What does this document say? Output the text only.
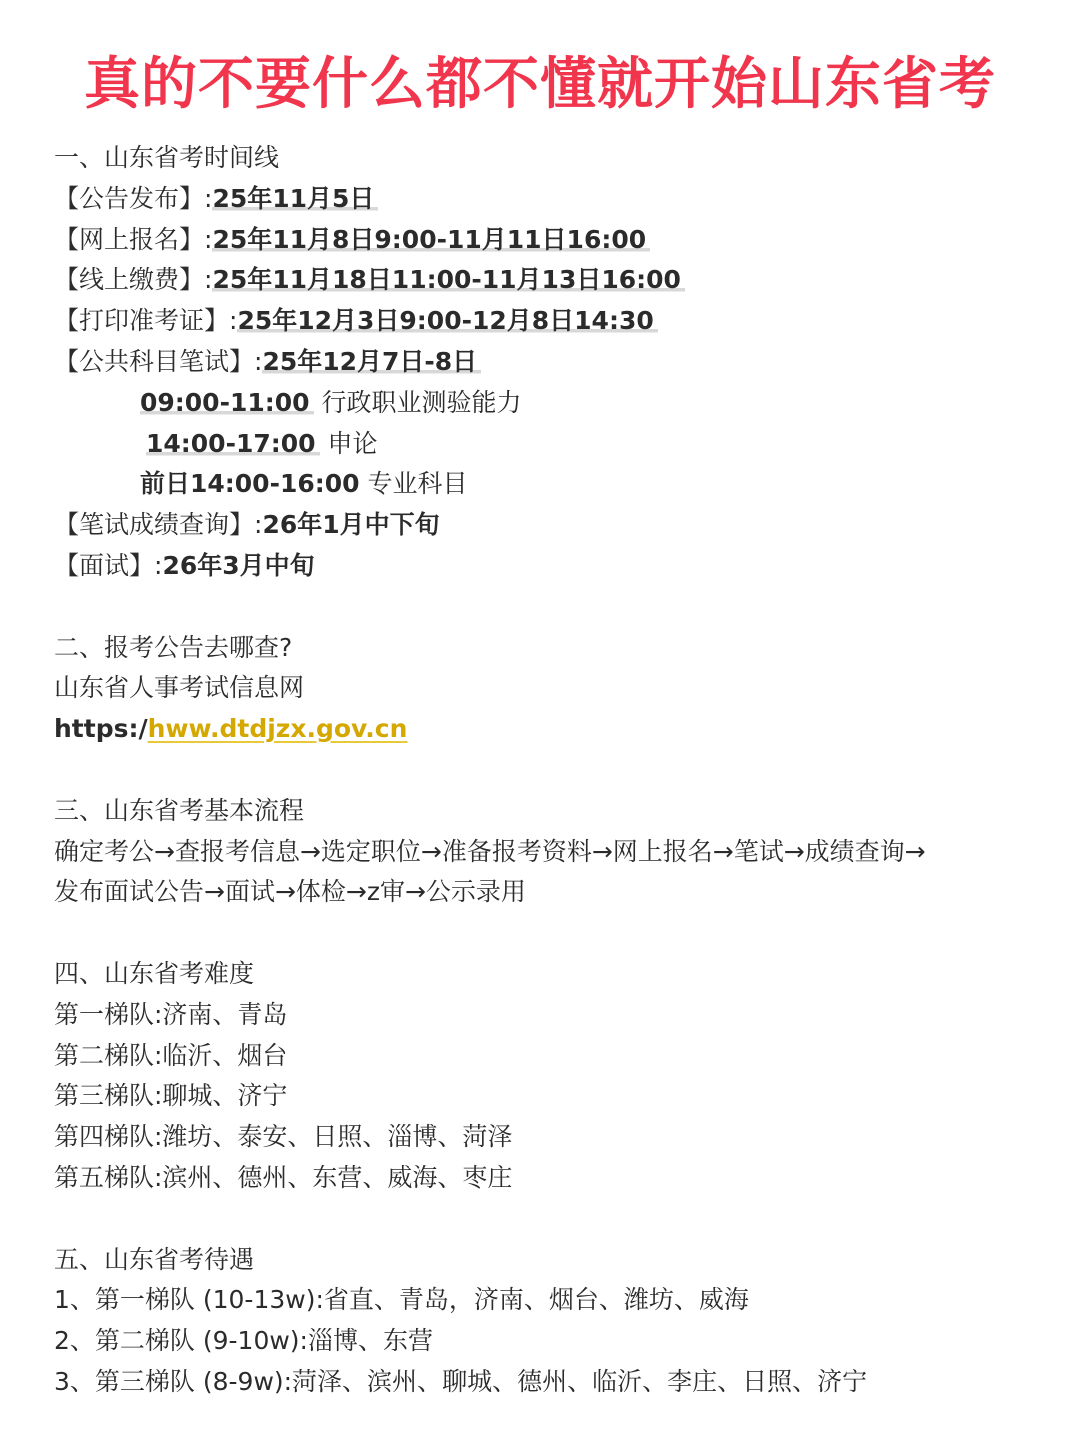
真的不要什么都不懂就开始山东省考
一、山东省考时间线
【公告发布】:25年11月5日
【网上报名】:25年11月8日9:00-11月11日16:00
【线上缴费】:25年11月18日11:00-11月13日16:00
【打印准考证】:25年12月3日9:00-12月8日14:30
【公共科目笔试】:25年12月7日-8日
09:00-11:00 行政职业测验能力
14:00-17:00 申论
前日14:00-16:00 专业科目
【笔试成绩查询】:26年1月中下旬
【面试】:26年3月中旬
二、报考公告去哪查?
山东省人事考试信息网
https:/hww.dtdjzx.gov.cn
三、山东省考基本流程
确定考公→查报考信息→选定职位→准备报考资料→网上报名→笔试→成绩查询→
发布面试公告→面试→体检→z审→公示录用
四、山东省考难度
第一梯队:济南、青岛
第二梯队:临沂、烟台
第三梯队:聊城、济宁
第四梯队:潍坊、泰安、日照、淄博、菏泽
第五梯队:滨州、德州、东营、威海、枣庄
五、山东省考待遇
1、第一梯队 (10-13w):省直、青岛，济南、烟台、潍坊、威海
2、第二梯队 (9-10w):淄博、东营
3、第三梯队 (8-9w):菏泽、滨州、聊城、德州、临沂、李庄、日照、济宁
